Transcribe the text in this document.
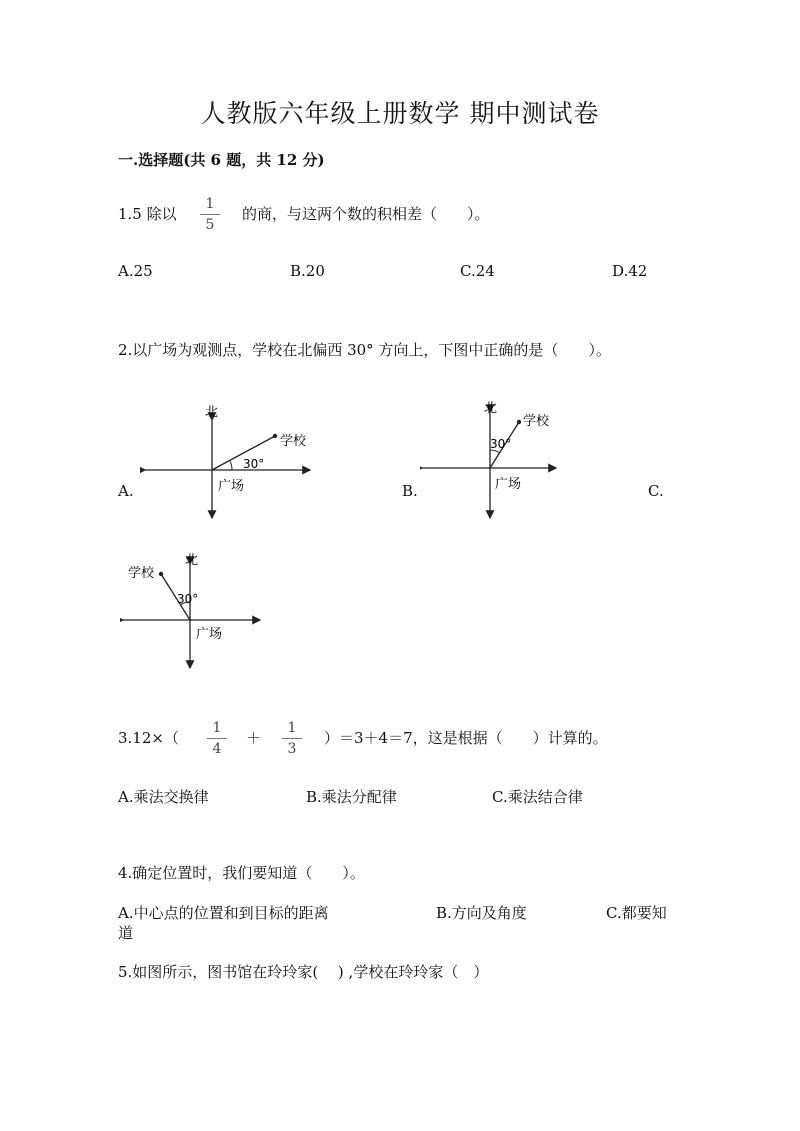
人教版六年级上册数学 期中测试卷
一.选择题(共 6 题，共 12 分)
1.5 除以
1
5
的商，与这两个数的积相差（　　）。
A.25	B.20	C.24	D.42
2.以广场为观测点，学校在北偏西 30° 方向上，下图中正确的是（　　）。
A.	B.	C.
北
学校
30°
广场
北
学校
30°
广场
北
学校
30°
广场
3.12×（
1
4
＋
1
3
）＝3＋4＝7，这是根据（　　）计算的。
A.乘法交换律	B.乘法分配律	C.乘法结合律
4.确定位置时，我们要知道（　　）。
A.中心点的位置和到目标的距离	B.方向及角度	C.都要知
道
5.如图所示，图书馆在玲玲家(　 ) ,学校在玲玲家（　）
